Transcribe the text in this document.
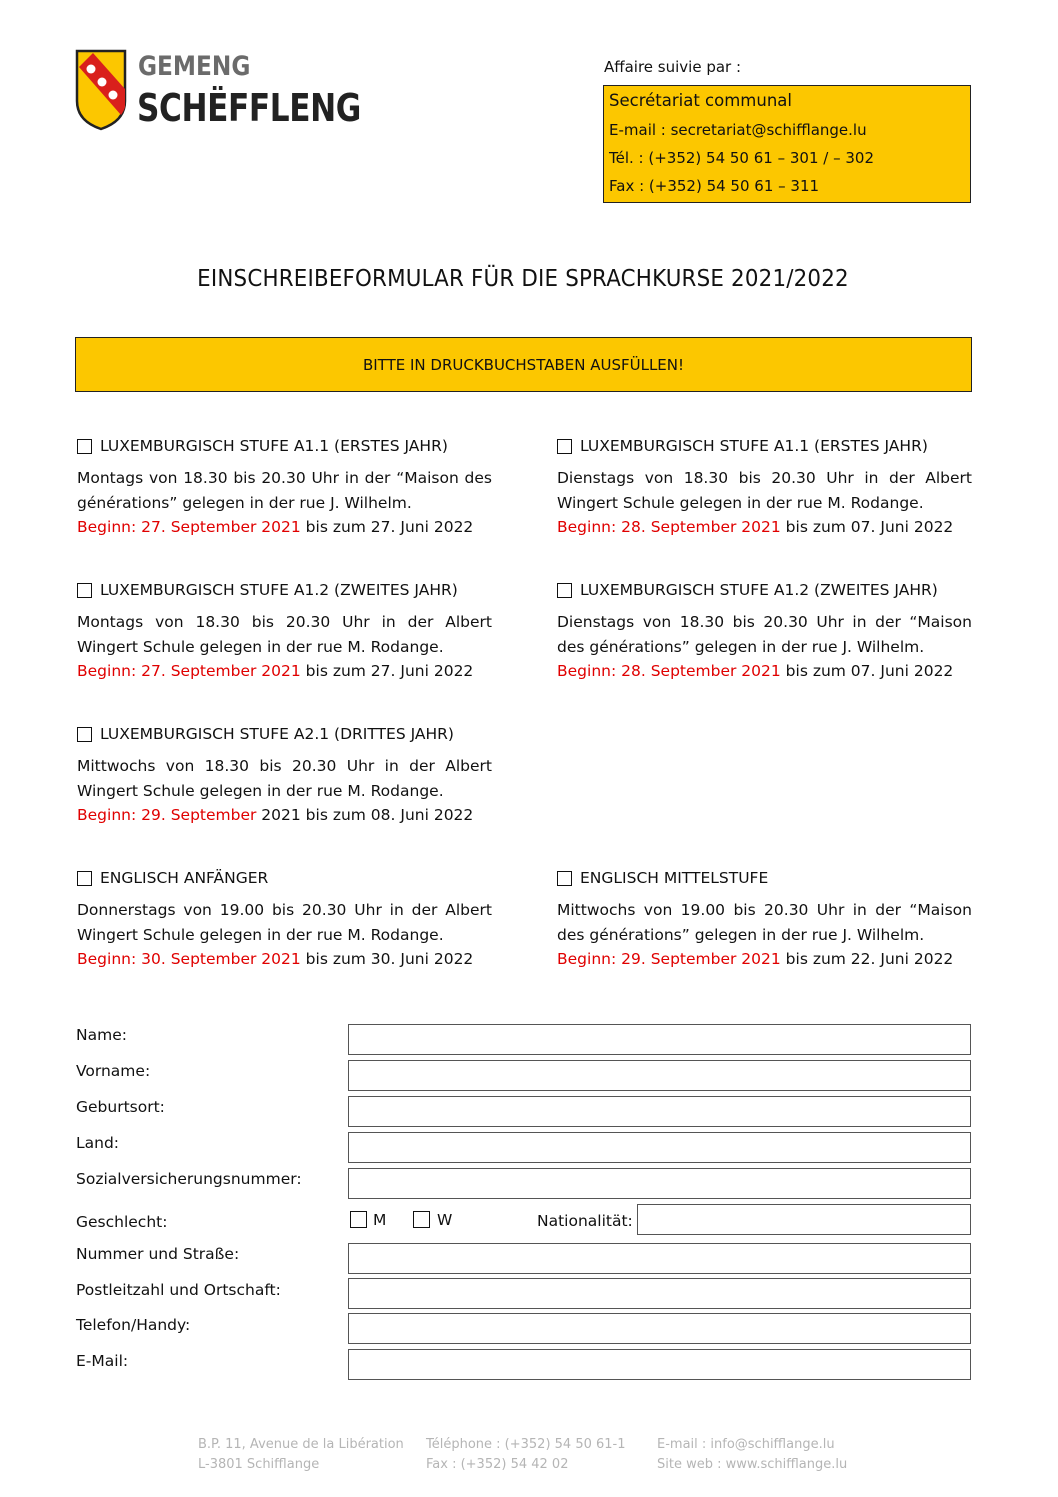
GEMENG
SCHËFFLENG
Affaire suivie par :
Secrétariat communal
E-mail : secretariat@schifflange.lu
Tél. : (+352) 54 50 61 – 301 / – 302
Fax : (+352) 54 50 61 – 311
EINSCHREIBEFORMULAR FÜR DIE SPRACHKURSE 2021/2022
BITTE IN DRUCKBUCHSTABEN AUSFÜLLEN!
LUXEMBURGISCH STUFE A1.1 (ERSTES JAHR)
Montags von 18.30 bis 20.30 Uhr in der “Maison des générations” gelegen in der rue J. Wilhelm.
Beginn: 27. September 2021 bis zum 27. Juni 2022
LUXEMBURGISCH STUFE A1.1 (ERSTES JAHR)
Dienstags von 18.30 bis 20.30 Uhr in der Albert Wingert Schule gelegen in der rue M. Rodange.
Beginn: 28. September 2021 bis zum 07. Juni 2022
LUXEMBURGISCH STUFE A1.2 (ZWEITES JAHR)
Montags von 18.30 bis 20.30 Uhr in der Albert Wingert Schule gelegen in der rue M. Rodange.
Beginn: 27. September 2021 bis zum 27. Juni 2022
LUXEMBURGISCH STUFE A1.2 (ZWEITES JAHR)
Dienstags von 18.30 bis 20.30 Uhr in der “Maison des générations” gelegen in der rue J. Wilhelm.
Beginn: 28. September 2021 bis zum 07. Juni 2022
LUXEMBURGISCH STUFE A2.1 (DRITTES JAHR)
Mittwochs von 18.30 bis 20.30 Uhr in der Albert Wingert Schule gelegen in der rue M. Rodange.
Beginn: 29. September 2021 bis zum 08. Juni 2022
ENGLISCH ANFÄNGER
Donnerstags von 19.00 bis 20.30 Uhr in der Albert Wingert Schule gelegen in der rue M. Rodange.
Beginn: 30. September 2021 bis zum 30. Juni 2022
ENGLISCH MITTELSTUFE
Mittwochs von 19.00 bis 20.30 Uhr in der “Maison des générations” gelegen in der rue J. Wilhelm.
Beginn: 29. September 2021 bis zum 22. Juni 2022
Name:
Vorname:
Geburtsort:
Land:
Sozialversicherungsnummer:
Geschlecht:	M	W	Nationalität:
Nummer und Straße:
Postleitzahl und Ortschaft:
Telefon/Handy:
E-Mail:
B.P. 11, Avenue de la Libération
L-3801 Schifflange
Téléphone : (+352) 54 50 61-1
Fax : (+352) 54 42 02
E-mail : info@schifflange.lu
Site web : www.schifflange.lu
